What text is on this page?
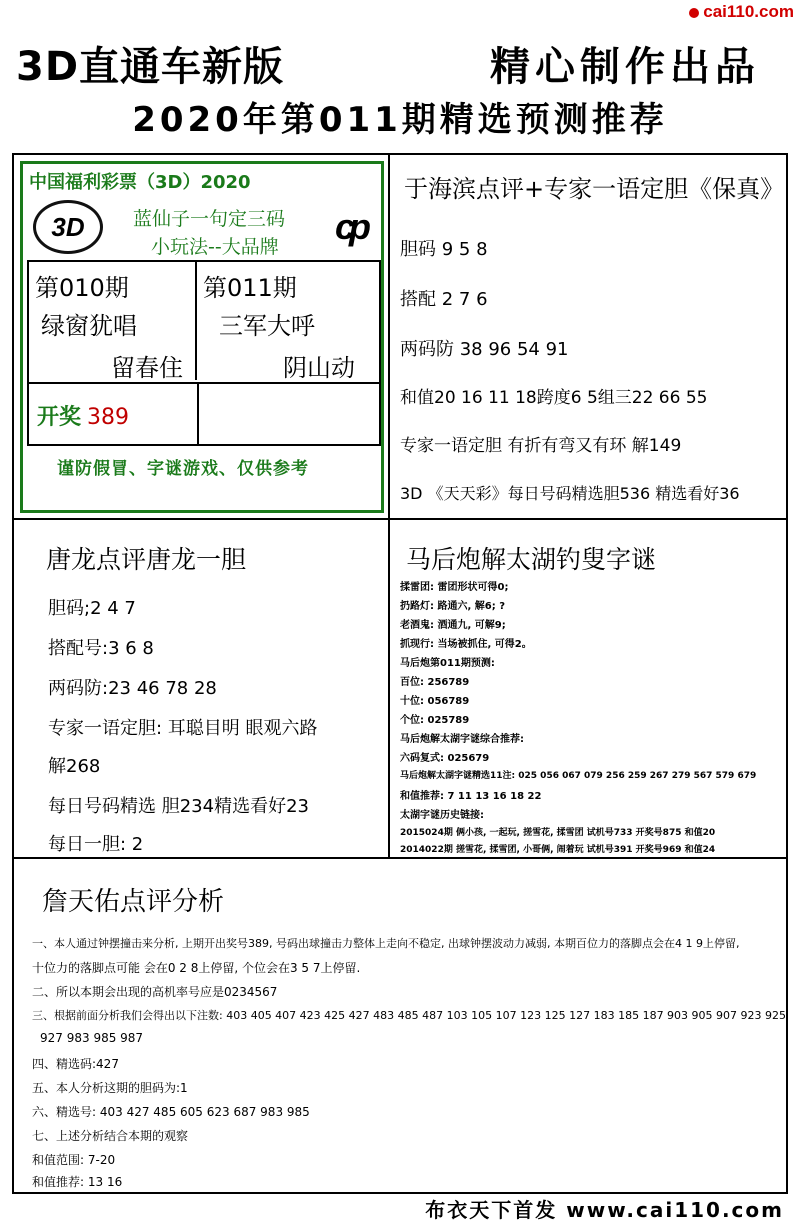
cai110.com
3D直通车新版	精心制作出品
2020年第011期精选预测推荐
中国福利彩票（3D）2020
3D	蓝仙子一句定三码
小玩法--大品牌 cp
第010期
绿窗犹唱
留春住
第011期
三军大呼
阴山动
开奖 389
谨防假冒、字谜游戏、仅供参考
于海滨点评+专家一语定胆《保真》
胆码 9 5 8
搭配 2 7 6
两码防 38 96 54 91
和值20 16 11 18跨度6 5组三22 66 55
专家一语定胆 有折有弯又有环 解149
3D 《天天彩》每日号码精选胆536 精选看好36
唐龙点评唐龙一胆
胆码;2 4 7
搭配号:3 6 8
两码防:23 46 78 28
专家一语定胆: 耳聪目明 眼观六路
解268
每日号码精选 胆234精选看好23
每日一胆: 2
马后炮解太湖钓叟字谜
揉雷团: 雷团形状可得0;
扔路灯: 路通六, 解6; ?
老酒鬼: 酒通九, 可解9;
抓现行: 当场被抓住, 可得2。
马后炮第011期预测:
百位: 256789
十位: 056789
个位: 025789
马后炮解太湖字谜综合推荐:
六码复式: 025679
马后炮解太湖字谜精选11注: 025 056 067 079 256 259 267 279 567 579 679
和值推荐: 7 11 13 16 18 22
太湖字谜历史链接:
2015024期 俩小孩, 一起玩, 搓雪花, 揉雪团 试机号733 开奖号875 和值20
2014022期 搓雪花, 揉雪团, 小哥俩, 闹着玩 试机号391 开奖号969 和值24
詹天佑点评分析
一、本人通过钟摆撞击来分析, 上期开出奖号389, 号码出球撞击力整体上走向不稳定, 出球钟摆波动力减弱, 本期百位力的落脚点会在4 1 9上停留,
十位力的落脚点可能 会在0 2 8上停留, 个位会在3 5 7上停留.
二、所以本期会出现的高机率号应是0234567
三、根据前面分析我们会得出以下注数: 403 405 407 423 425 427 483 485 487 103 105 107 123 125 127 183 185 187 903 905 907 923 925
927 983 985 987
四、精选码:427
五、本人分析这期的胆码为:1
六、精选号: 403 427 485 605 623 687 983 985
七、上述分析结合本期的观察
和值范围: 7-20
和值推荐: 13 16
布衣天下首发 www.cai110.com
